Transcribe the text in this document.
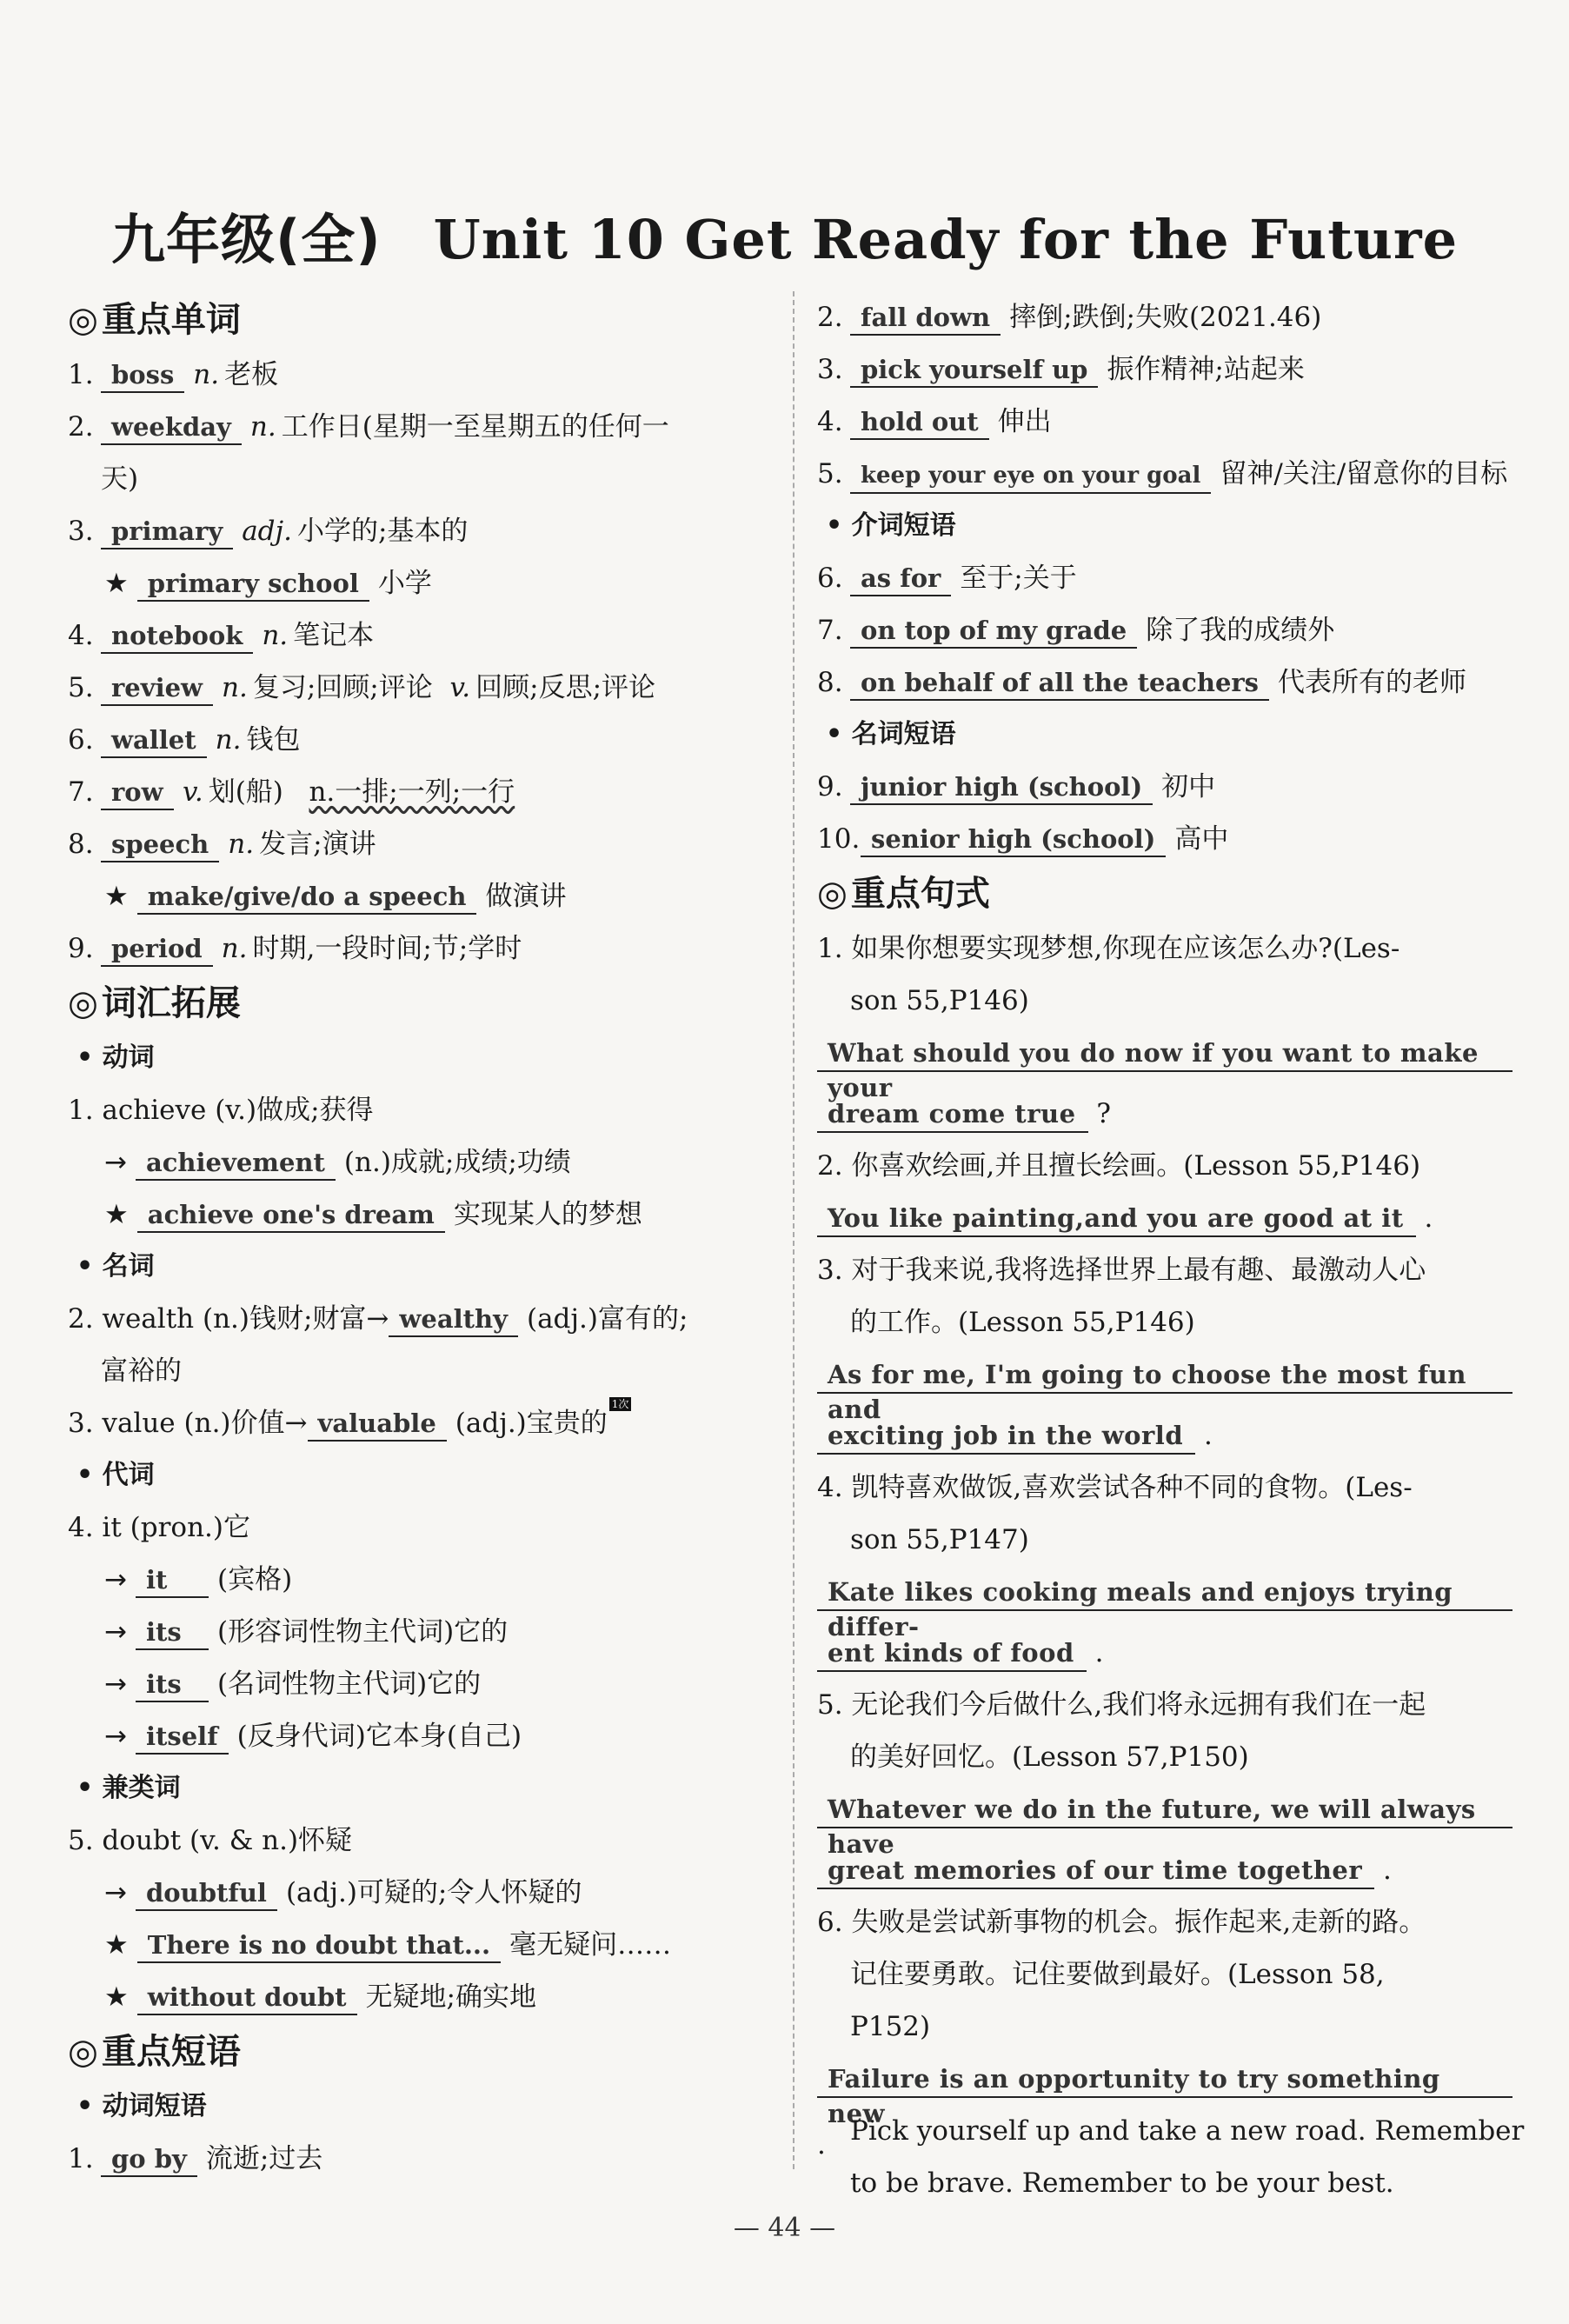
九年级(全) Unit 10 Get Ready for the Future
◎ 重点单词
1. boss n. 老板
2. weekday n. 工作日(星期一至星期五的任何一
天)
3. primary adj. 小学的;基本的
★ primary school 小学
4. notebook n. 笔记本
5. review n. 复习;回顾;评论 v. 回顾;反思;评论
6. wallet n. 钱包
7. row v. 划(船) n.一排;一列;一行
8. speech n. 发言;演讲
★ make/give/do a speech 做演讲
9. period n. 时期,一段时间;节;学时
◎ 词汇拓展
• 动词
1. achieve (v.)做成;获得
→ achievement (n.)成就;成绩;功绩
★ achieve one's dream 实现某人的梦想
• 名词
2. wealth (n.)钱财;财富→ wealthy (adj.)富有的;
富裕的
3. value (n.)价值→ valuable (adj.)宝贵的1次
• 代词
4. it (pron.)它
→ it (宾格)
→ its (形容词性物主代词)它的
→ its (名词性物主代词)它的
→ itself (反身代词)它本身(自己)
• 兼类词
5. doubt (v. & n.)怀疑
→ doubtful (adj.)可疑的;令人怀疑的
★ There is no doubt that... 毫无疑问……
★ without doubt 无疑地;确实地
◎ 重点短语
• 动词短语
1. go by 流逝;过去
2. fall down 摔倒;跌倒;失败(2021.46)
3. pick yourself up 振作精神;站起来
4. hold out 伸出
5. keep your eye on your goal 留神/关注/留意你的目标
• 介词短语
6. as for 至于;关于
7. on top of my grade 除了我的成绩外
8. on behalf of all the teachers 代表所有的老师
• 名词短语
9. junior high (school) 初中
10. senior high (school) 高中
◎ 重点句式
1. 如果你想要实现梦想,你现在应该怎么办?(Les-
son 55,P146)
What should you do now if you want to make your
dream come true ?
2. 你喜欢绘画,并且擅长绘画。(Lesson 55,P146)
You like painting,and you are good at it .
3. 对于我来说,我将选择世界上最有趣、最激动人心
的工作。(Lesson 55,P146)
As for me, I'm going to choose the most fun and
exciting job in the world .
4. 凯特喜欢做饭,喜欢尝试各种不同的食物。(Les-
son 55,P147)
Kate likes cooking meals and enjoys trying differ-
ent kinds of food .
5. 无论我们今后做什么,我们将永远拥有我们在一起
的美好回忆。(Lesson 57,P150)
Whatever we do in the future, we will always have
great memories of our time together .
6. 失败是尝试新事物的机会。振作起来,走新的路。
记住要勇敢。记住要做到最好。(Lesson 58,
P152)
Failure is an opportunity to try something new . Pick yourself up and take a new road. Remember
to be brave. Remember to be your best.
— 44 —
